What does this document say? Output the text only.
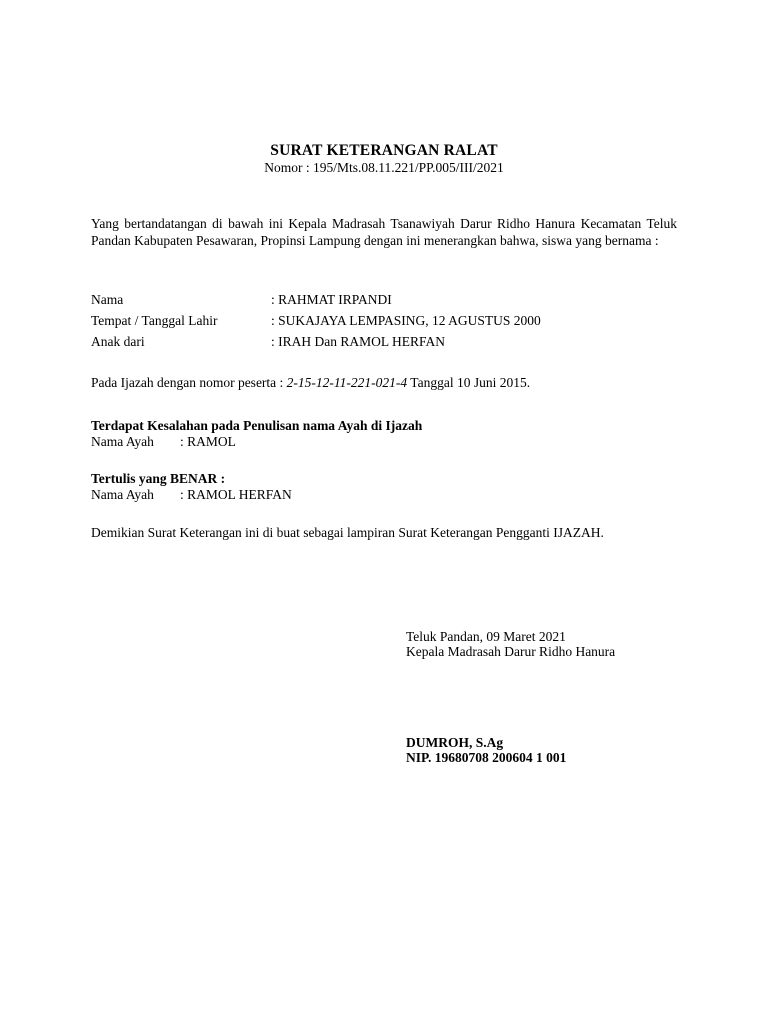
SURAT KETERANGAN RALAT
Nomor : 195/Mts.08.11.221/PP.005/III/2021
Yang bertandatangan di bawah ini Kepala Madrasah Tsanawiyah Darur Ridho Hanura Kecamatan Teluk Pandan Kabupaten Pesawaran, Propinsi Lampung dengan ini menerangkan bahwa, siswa yang bernama :
Nama	: RAHMAT IRPANDI
Tempat / Tanggal Lahir	: SUKAJAYA LEMPASING, 12 AGUSTUS 2000
Anak dari	: IRAH Dan RAMOL HERFAN
Pada Ijazah dengan nomor peserta : 2-15-12-11-221-021-4 Tanggal 10 Juni 2015.
Terdapat Kesalahan pada Penulisan nama Ayah di Ijazah
Nama Ayah : RAMOL
Tertulis yang BENAR :
Nama Ayah : RAMOL HERFAN
Demikian Surat Keterangan ini di buat sebagai lampiran Surat Keterangan Pengganti IJAZAH.
Teluk Pandan, 09 Maret 2021
Kepala Madrasah Darur Ridho Hanura
DUMROH, S.Ag
NIP. 19680708 200604 1 001
